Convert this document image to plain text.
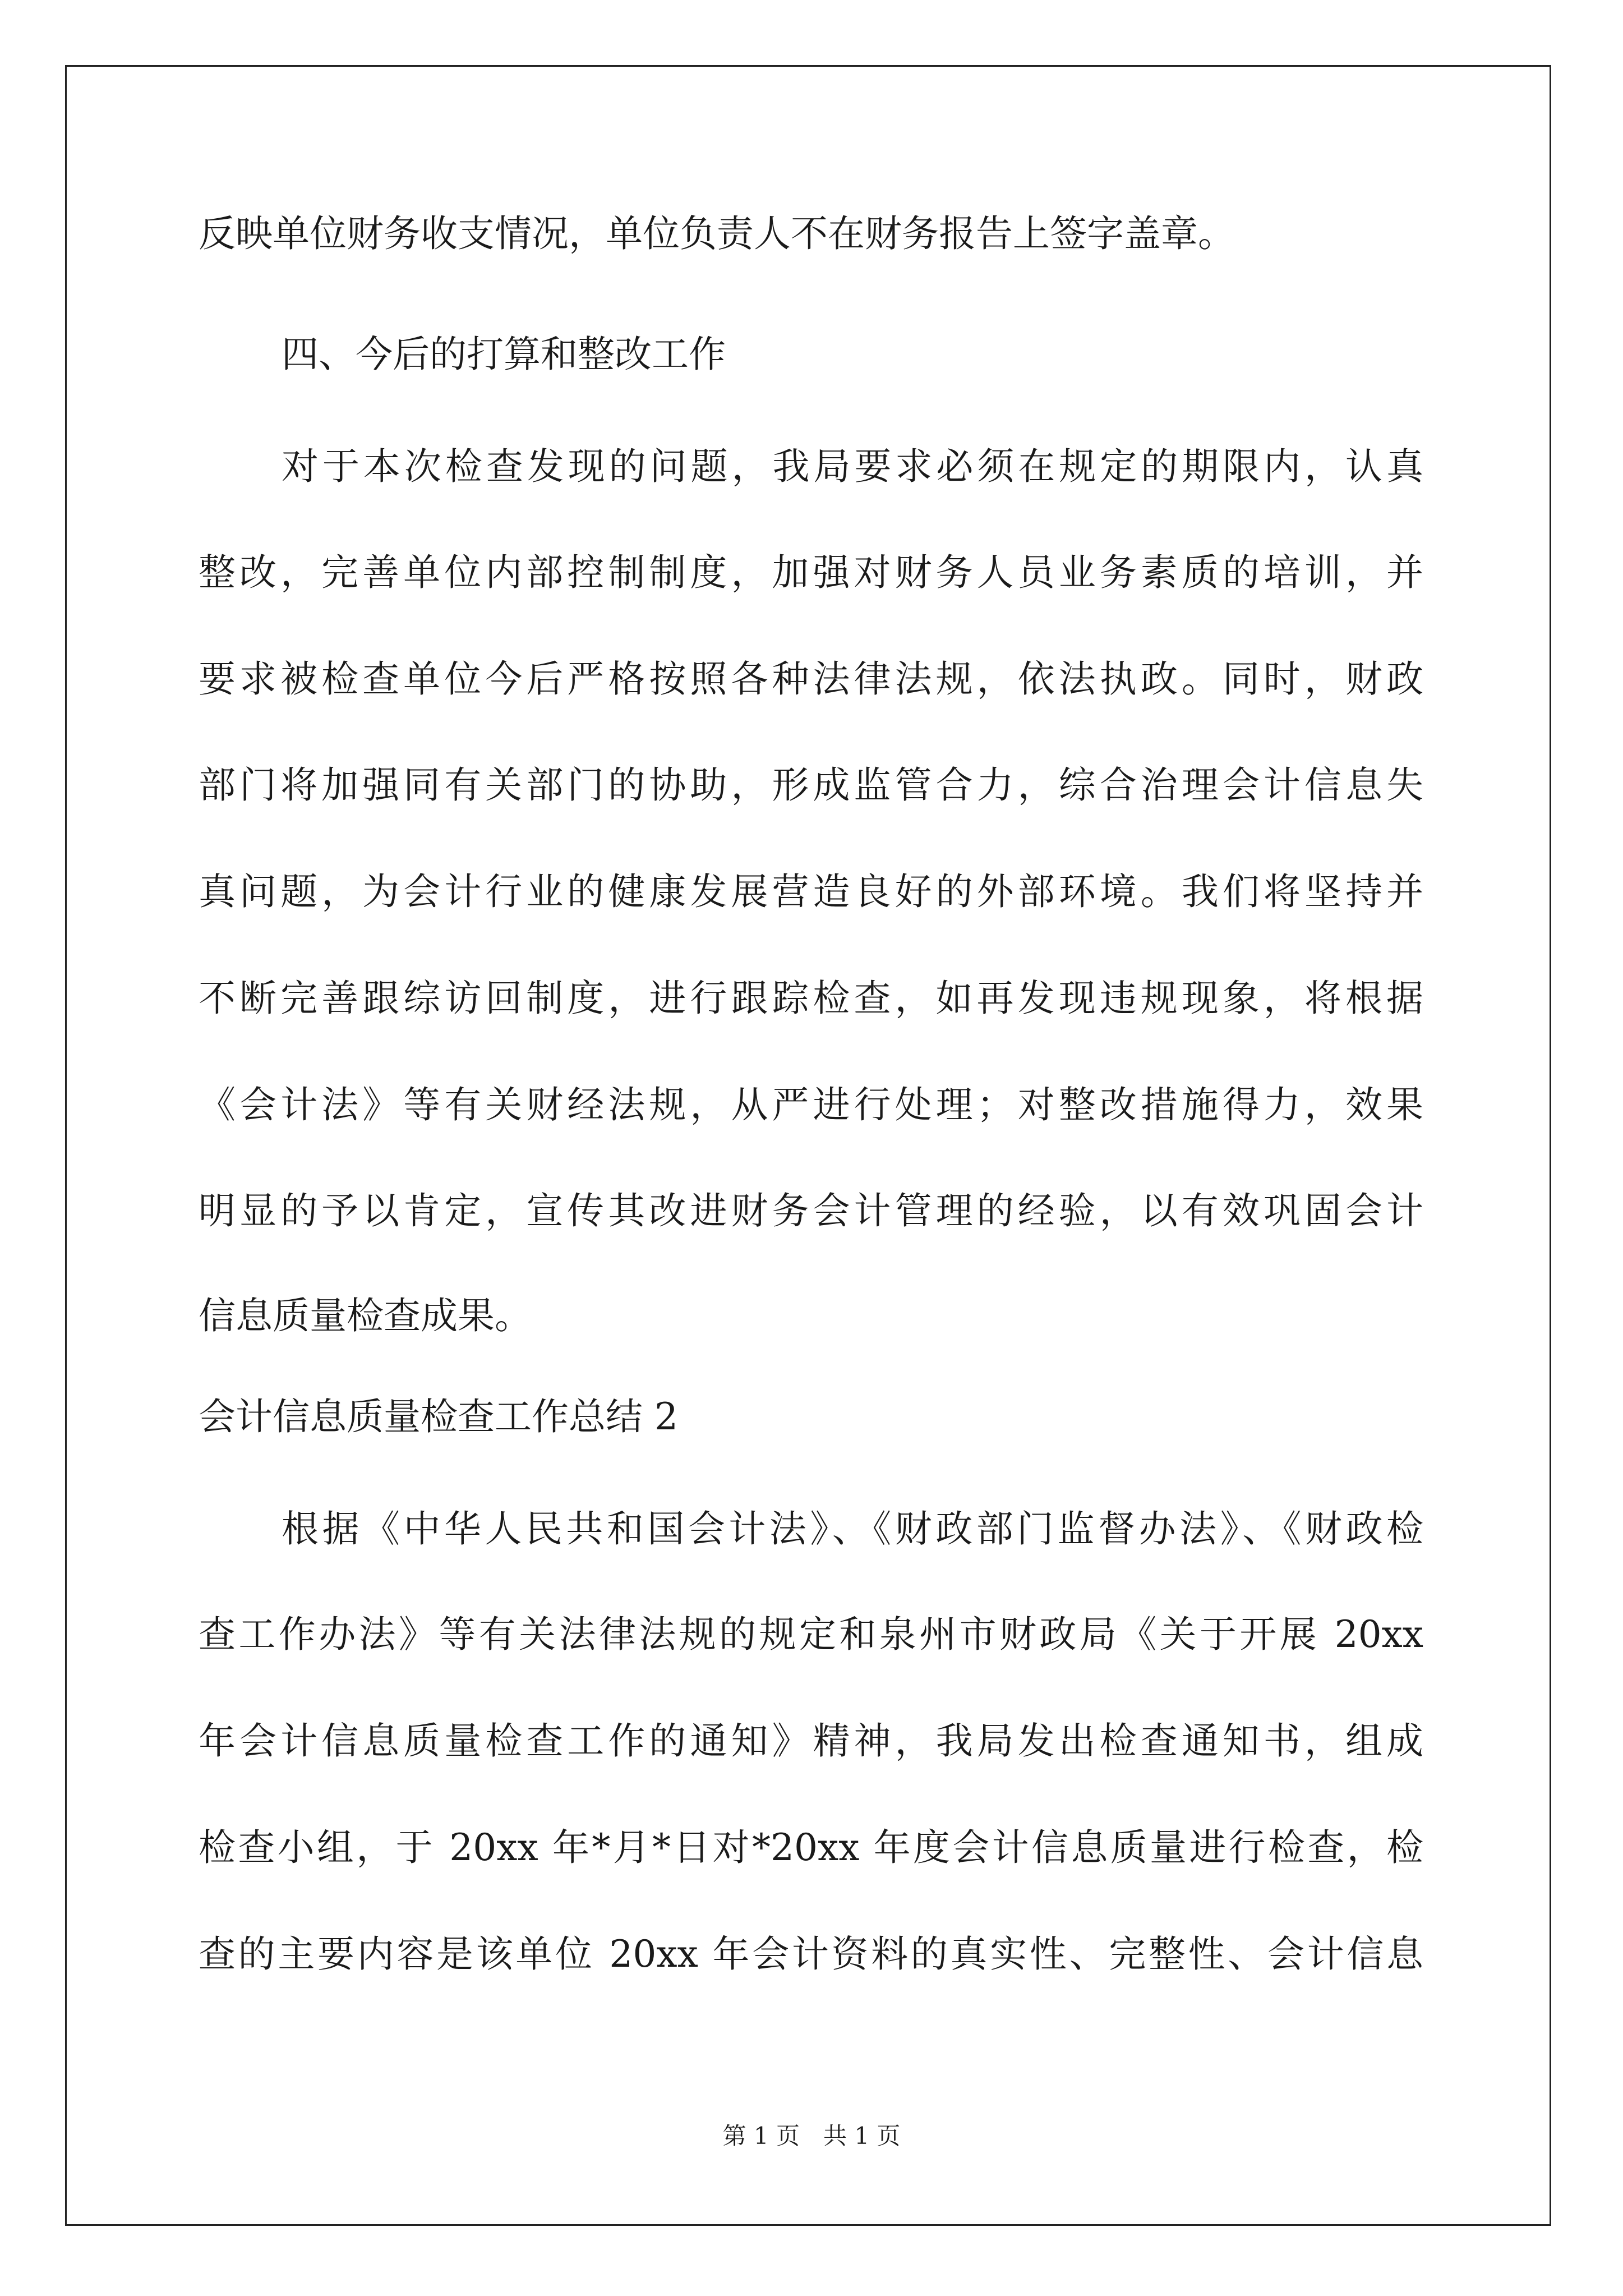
反映单位财务收支情况，单位负责人不在财务报告上签字盖章。
四、今后的打算和整改工作
对于本次检查发现的问题，我局要求必须在规定的期限内，认真
整改，完善单位内部控制制度，加强对财务人员业务素质的培训，并
要求被检查单位今后严格按照各种法律法规，依法执政。同时，财政
部门将加强同有关部门的协助，形成监管合力，综合治理会计信息失
真问题，为会计行业的健康发展营造良好的外部环境。我们将坚持并
不断完善跟综访回制度，进行跟踪检查，如再发现违规现象，将根据
《会计法》等有关财经法规，从严进行处理；对整改措施得力，效果
明显的予以肯定，宣传其改进财务会计管理的经验，以有效巩固会计
信息质量检查成果。
会计信息质量检查工作总结 2
根据《中华人民共和国会计法》、《财政部门监督办法》、《财政检
查工作办法》等有关法律法规的规定和泉州市财政局《关于开展 20xx
年会计信息质量检查工作的通知》精神，我局发出检查通知书，组成
检查小组，于 20xx 年*月*日对*20xx 年度会计信息质量进行检查，检
查的主要内容是该单位 20xx 年会计资料的真实性、完整性、会计信息
第 1 页　共 1 页
